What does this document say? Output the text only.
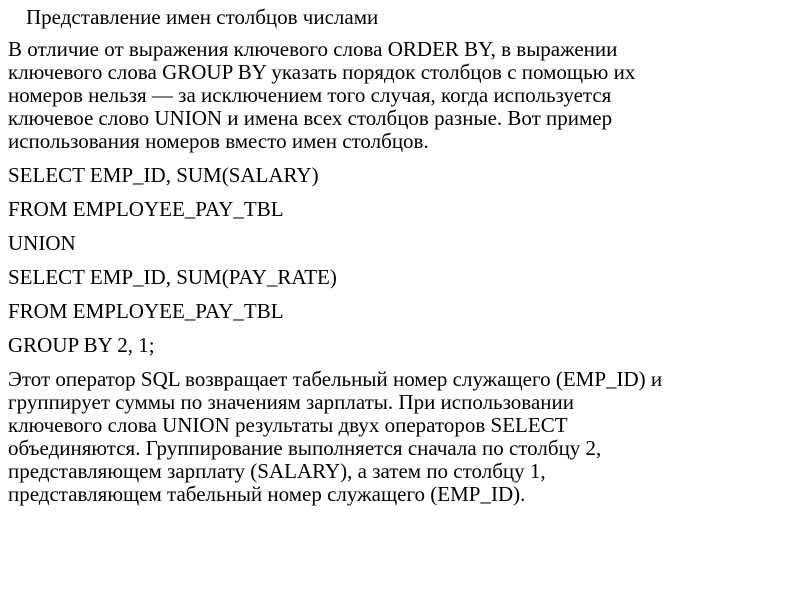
Представление имен столбцов числами
В отличие от выражения ключевого слова ORDER BY, в выражении
ключевого слова GROUP BY указать порядок столбцов с помощью их
номеров нельзя — за исключением того случая, когда используется
ключевое слово UNION и имена всех столбцов разные. Вот пример
использования номеров вместо имен столбцов.
SELECT EMP_ID, SUM(SALARY)
FROM EMPLOYEE_PAY_TBL
UNION
SELECT EMP_ID, SUM(PAY_RATE)
FROM EMPLOYEE_PAY_TBL
GROUP BY 2, 1;
Этот оператор SQL возвращает табельный номер служащего (EMP_ID) и
группирует суммы по значениям зарплаты. При использовании
ключевого слова UNION результаты двух операторов SELECT
объединяются. Группирование выполняется сначала по столбцу 2,
представляющем зарплату (SALARY), а затем по столбцу 1,
представляющем табельный номер служащего (EMP_ID).
